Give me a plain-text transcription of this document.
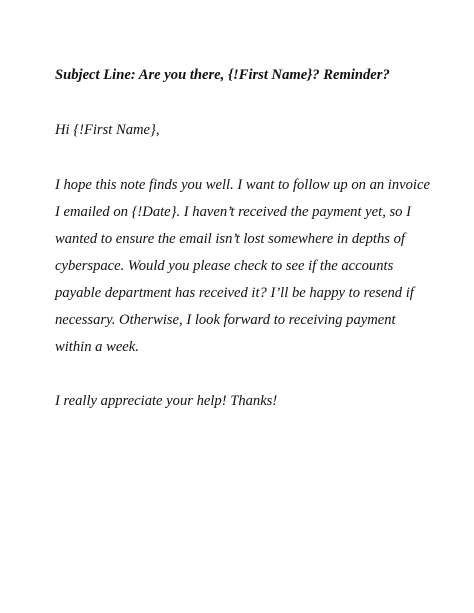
Subject Line: Are you there, {!First Name}? Reminder?

Hi {!First Name},

I hope this note finds you well. I want to follow up on an invoice
I emailed on {!Date}. I haven’t received the payment yet, so I
wanted to ensure the email isn’t lost somewhere in depths of
cyberspace. Would you please check to see if the accounts
payable department has received it? I’ll be happy to resend if
necessary. Otherwise, I look forward to receiving payment
within a week.

I really appreciate your help! Thanks!
